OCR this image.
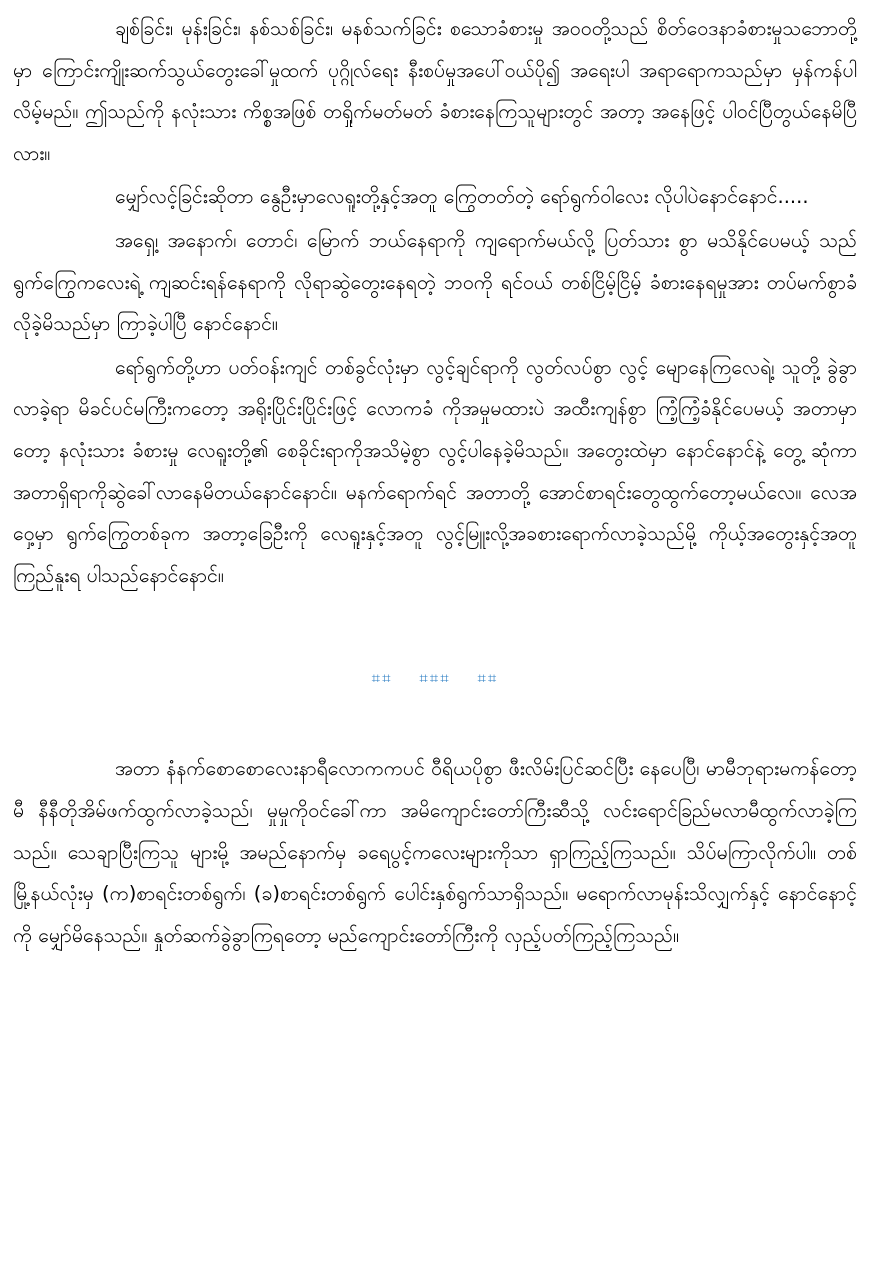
ချစ်ခြင်း၊ မုန်းခြင်း၊ နစ်သစ်ခြင်း၊ မနစ်သက်ခြင်း စသောခံစားမှု အဝဝတို့သည် စိတ်ဝေဒနာခံစားမှုသဘောတို့မှာ ကြောင်းကျိုးဆက်သွယ်တွေးခေါ်မှုထက် ပုဂ္ဂိုလ်ရေး နီးစပ်မှုအပေါ်ဝယ်ပို၍ အရေးပါ အရာရောကသည်မှာ မှန်ကန်ပါလိမ့်မည်။ ဤသည်ကို နလုံးသား ကိစ္စအဖြစ် တရှိုက်မတ်မတ် ခံစားနေကြသူများတွင် အတာ့ အနေဖြင့် ပါဝင်ပြီတွယ်နေမိပြီ လား။

မျှော်လင့်ခြင်းဆိုတာ နွေဦးမှာလေရူးတို့နှင့်အတူ ကြွေတတ်တဲ့ ရော်ရွက်ဝါလေး လိုပါပဲနောင်နောင်.....

အရှေ့၊ အနောက်၊ တောင်၊ မြောက် ဘယ်နေရာကို ကျရောက်မယ်လို့ ပြတ်သား စွာ မသိနိုင်ပေမယ့် သည်ရွက်ကြွေကလေးရဲ့ ကျဆင်းရန်နေရာကို လိုရာဆွဲတွေးနေရတဲ့ ဘဝကို ရင်ဝယ် တစ်ငြိမ့်ငြိမ့် ခံစားနေရမှုအား တပ်မက်စွာခံလိုခဲ့မိသည်မှာ ကြာခဲ့ပါပြီ နောင်နောင်။

ရော်ရွက်တို့ဟာ ပတ်ဝန်းကျင် တစ်ခွင်လုံးမှာ လွင့်ချင်ရာကို လွတ်လပ်စွာ လွင့် မျောနေကြလေရဲ့၊ သူတို့ ခွဲခွာလာခဲ့ရာ မိခင်ပင်မကြီးကတော့ အရိုးပြိုင်းပြိုင်းဖြင့် လောကခံ ကိုအမှုမထားပဲ အထီးကျန်စွာ ကြံ့ကြံ့ခံနိုင်ပေမယ့် အတာမှာတော့ နလုံးသား ခံစားမှု လေရူးတို့၏ စေခိုင်းရာကိုအသိမဲ့စွာ လွင့်ပါနေခဲ့မိသည်။ အတွေးထဲမှာ နောင်နောင်နဲ့ တွေ့ ဆုံကာ အတာရှိရာကိုဆွဲခေါ်လာနေမိတယ်နောင်နောင်။ မနက်ရောက်ရင် အတာတို့ အောင်စာရင်းတွေထွက်တော့မယ်လေ။ လေအဝှေ့မှာ ရွက်ကြွေတစ်ခုက အတာ့ခြေဦးကို လေရူးနှင့်အတူ လွင့်မြူးလို့အခစားရောက်လာခဲ့သည်မို့ ကိုယ့်အတွေးနှင့်အတူ ကြည်နူးရ ပါသည်နောင်နောင်။

⌗⌗ ⌗⌗⌗ ⌗⌗

အတာ နံနက်စောစောလေးနာရီလောကကပင် ဝီရိယပိုစွာ ဖီးလိမ်းပြင်ဆင်ပြီး နေပေပြီ၊ မာမီဘုရားမကန်တော့မီ နီနီတိုအိမ်ဖက်ထွက်လာခဲ့သည်၊ မှုမှုကိုဝင်ခေါ်ကာ အမိကျောင်းတော်ကြီးဆီသို့ လင်းရောင်ခြည်မလာမီထွက်လာခဲ့ကြသည်။ သေချာပြီးကြသူ များမို့ အမည်နောက်မှ ခရေပွင့်ကလေးများကိုသာ ရှာကြည့်ကြသည်။ သိပ်မကြာလိုက်ပါ။ တစ်မြို့နယ်လုံးမှ (က)စာရင်းတစ်ရွက်၊ (ခ)စာရင်းတစ်ရွက် ပေါင်းနှစ်ရွက်သာရှိသည်။ မရောက်လာမုန်းသိလျှက်နှင့် နောင်နောင့်ကို မျှော်မိနေသည်။ နှုတ်ဆက်ခွဲခွာကြရတော့ မည်ကျောင်းတော်ကြီးကို လှည့်ပတ်ကြည့်ကြသည်။
